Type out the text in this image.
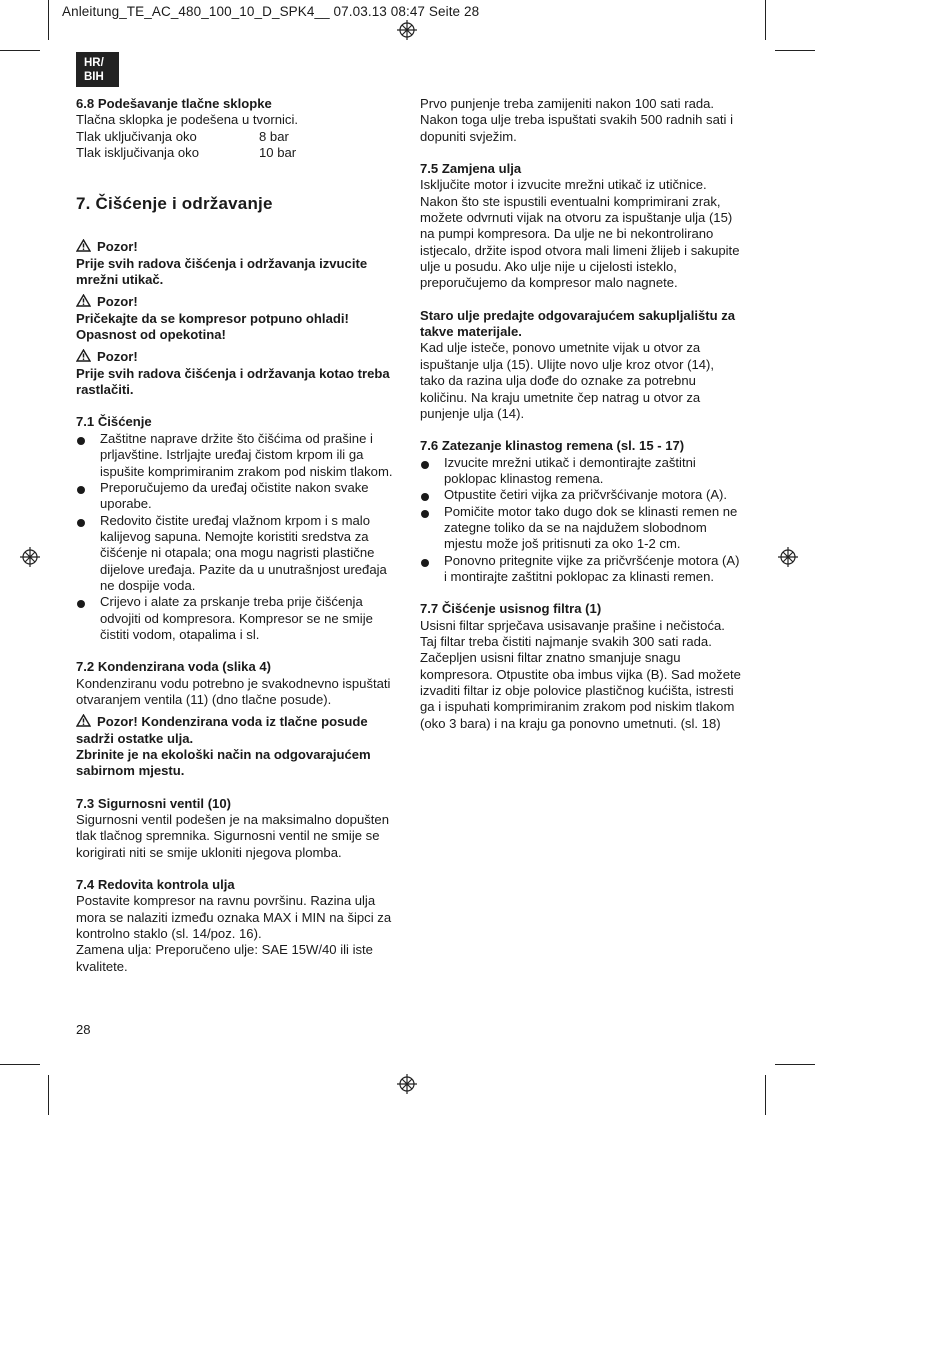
Anleitung_TE_AC_480_100_10_D_SPK4__ 07.03.13 08:47 Seite 28
HR/
BIH

6.8 Podešavanje tlačne sklopke

Tlačna sklopka je podešena u tvornici.

Tlak uključivanja oko	8 bar
Tlak isključivanja oko	10 bar

7. Čišćenje i održavanje

Pozor!

Prije svih radova čišćenja i održavanja izvucite mrežni utikač.

Pozor!

Pričekajte da se kompresor potpuno ohladi! Opasnost od opekotina!

Pozor!

Prije svih radova čišćenja i održavanja kotao treba rastlačiti.

7.1 Čišćenje

Zaštitne naprave držite što čišćima od prašine i prljavštine. Istrljajte uređaj čistom krpom ili ga ispušite komprimiranim zrakom pod niskim tlakom.
Preporučujemo da uređaj očistite nakon svake uporabe.
Redovito čistite uređaj vlažnom krpom i s malo kalijevog sapuna. Nemojte koristiti sredstva za čišćenje ni otapala; ona mogu nagristi plastične dijelove uređaja. Pazite da u unutrašnjost uređaja ne dospije voda.
Crijevo i alate za prskanje treba prije čišćenja odvojiti od kompresora. Kompresor se ne smije čistiti vodom, otapalima i sl.

7.2 Kondenzirana voda (slika 4)

Kondenziranu vodu potrebno je svakodnevno ispuštati otvaranjem ventila (11) (dno tlačne posude).

Pozor! Kondenzirana voda iz tlačne posude sadrži ostatke ulja.

Zbrinite je na ekološki način na odgovarajućem sabirnom mjestu.

7.3 Sigurnosni ventil (10)

Sigurnosni ventil podešen je na maksimalno dopušten tlak tlačnog spremnika. Sigurnosni ventil ne smije se korigirati niti se smije ukloniti njegova plomba.

7.4 Redovita kontrola ulja

Postavite kompresor na ravnu površinu. Razina ulja mora se nalaziti između oznaka MAX i MIN na šipci za kontrolno staklo (sl. 14/poz. 16).

Zamena ulja: Preporučeno ulje: SAE 15W/40 ili iste kvalitete.

Prvo punjenje treba zamijeniti nakon 100 sati rada. Nakon toga ulje treba ispuštati svakih 500 radnih sati i dopuniti svježim.

7.5 Zamjena ulja

Isključite motor i izvucite mrežni utikač iz utičnice. Nakon što ste ispustili eventualni komprimirani zrak, možete odvrnuti vijak na otvoru za ispuštanje ulja (15) na pumpi kompresora. Da ulje ne bi nekontrolirano istjecalo, držite ispod otvora mali limeni žlijeb i sakupite ulje u posudu. Ako ulje nije u cijelosti isteklo, preporučujemo da kompresor malo nagnete.

Staro ulje predajte odgovarajućem sakupljalištu za takve materijale.

Kad ulje isteče, ponovo umetnite vijak u otvor za ispuštanje ulja (15). Ulijte novo ulje kroz otvor (14), tako da razina ulja dođe do oznake za potrebnu količinu. Na kraju umetnite čep natrag u otvor za punjenje ulja (14).

7.6 Zatezanje klinastog remena (sl. 15 - 17)

Izvucite mrežni utikač i demontirajte zaštitni poklopac klinastog remena.
Otpustite četiri vijka za pričvršćivanje motora (A).
Pomičite motor tako dugo dok se klinasti remen ne zategne toliko da se na najdužem slobodnom mjestu može još pritisnuti za oko 1-2 cm.
Ponovno pritegnite vijke za pričvršćenje motora (A) i montirajte zaštitni poklopac za klinasti remen.

7.7 Čišćenje usisnog filtra (1)

Usisni filtar sprječava usisavanje prašine i nečistoća. Taj filtar treba čistiti najmanje svakih 300 sati rada. Začepljen usisni filtar znatno smanjuje snagu kompresora. Otpustite oba imbus vijka (B). Sad možete izvaditi filtar iz obje polovice plastičnog kućišta, istresti ga i ispuhati komprimiranim zrakom pod niskim tlakom (oko 3 bara) i na kraju ga ponovno umetnuti. (sl. 18)

28
